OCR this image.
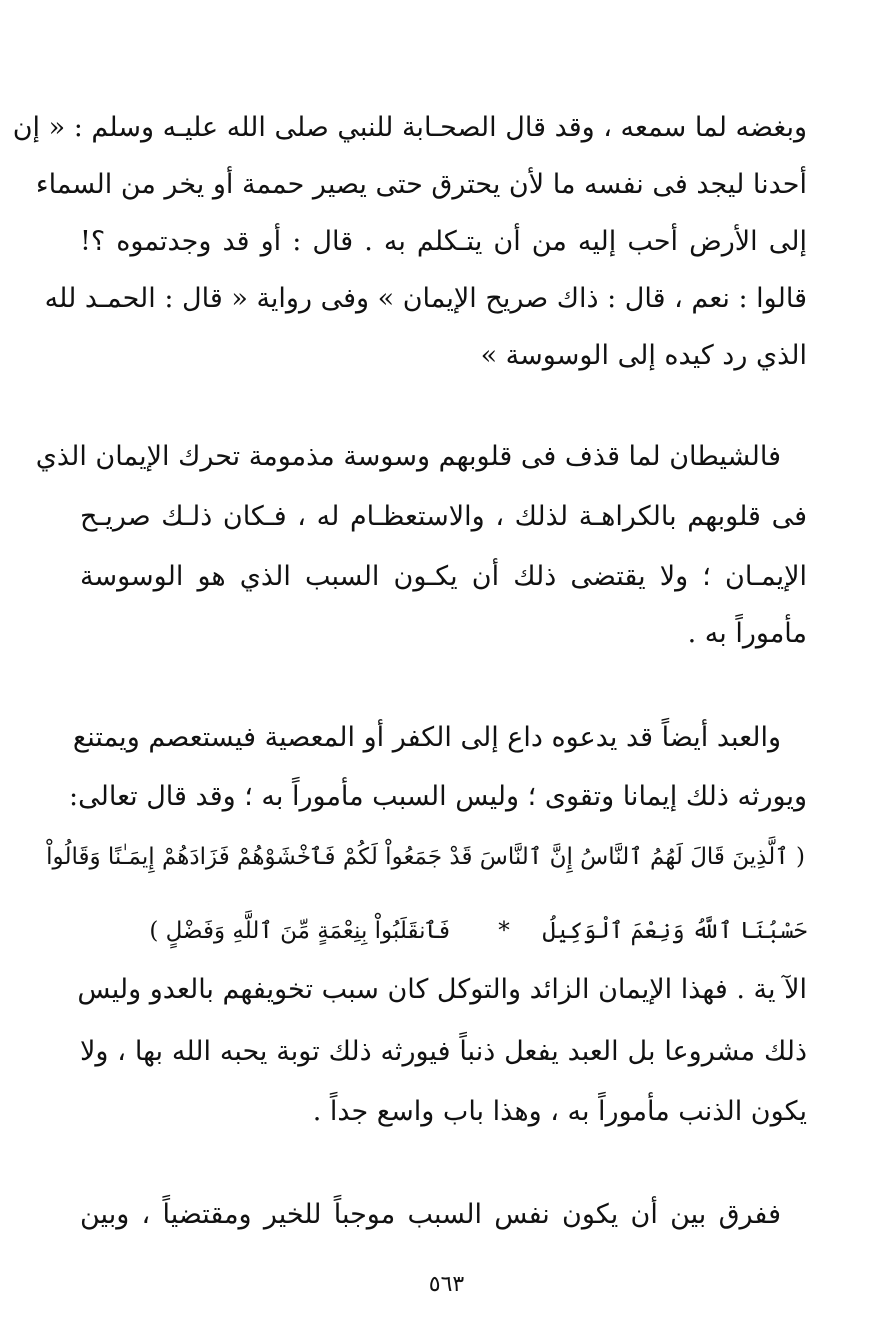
وبغضه لما سمعه ، وقد قال الصحـابة للنبي صلى الله عليـه وسلم : « إن
أحدنا ليجد فى نفسه ما لأن يحترق حتى يصير حممة أو يخر من السماء
إلى الأرض أحب إليه من أن يتـكلم به . قال : أو قد وجدتموه ؟!
قالوا : نعم ، قال : ذاك صريح الإيمان » وفى رواية « قال : الحمـد لله
الذي رد كيده إلى الوسوسة »
فالشيطان لما قذف فى قلوبهم وسوسة مذمومة تحرك الإيمان الذي
فى قلوبهم بالكراهـة لذلك ، والاستعظـام له ، فـكان ذلـك صريـح
الإيمـان ؛ ولا يقتضى ذلك أن يكـون السبب الذي هو الوسوسة
مأموراً به .
والعبد أيضاً قد يدعوه داع إلى الكفر أو المعصية فيستعصم ويمتنع
ويورثه ذلك إيمانا وتقوى ؛ وليس السبب مأموراً به ؛ وقد قال تعالى:
( ٱلَّذِينَ قَالَ لَهُمُ ٱلنَّاسُ إِنَّ ٱلنَّاسَ قَدْ جَمَعُواْ لَكُمْ فَٱخْشَوْهُمْ فَزَادَهُمْ إِيمَـٰنًا وَقَالُواْ
حَسْبُنَا ٱللَّهُ وَنِعْمَ ٱلْوَكِيلُ
*
فَٱنقَلَبُواْ بِنِعْمَةٍ مِّنَ ٱللَّهِ وَفَضْلٍ )
الآ ية . فهذا الإيمان الزائد والتوكل كان سبب تخويفهم بالعدو وليس
ذلك مشروعا بل العبد يفعل ذنباً فيورثه ذلك توبة يحبه الله بها ، ولا
يكون الذنب مأموراً به ، وهذا باب واسع جداً .
ففرق بين أن يكون نفس السبب موجباً للخير ومقتضياً ، وبين
٥٦٣
